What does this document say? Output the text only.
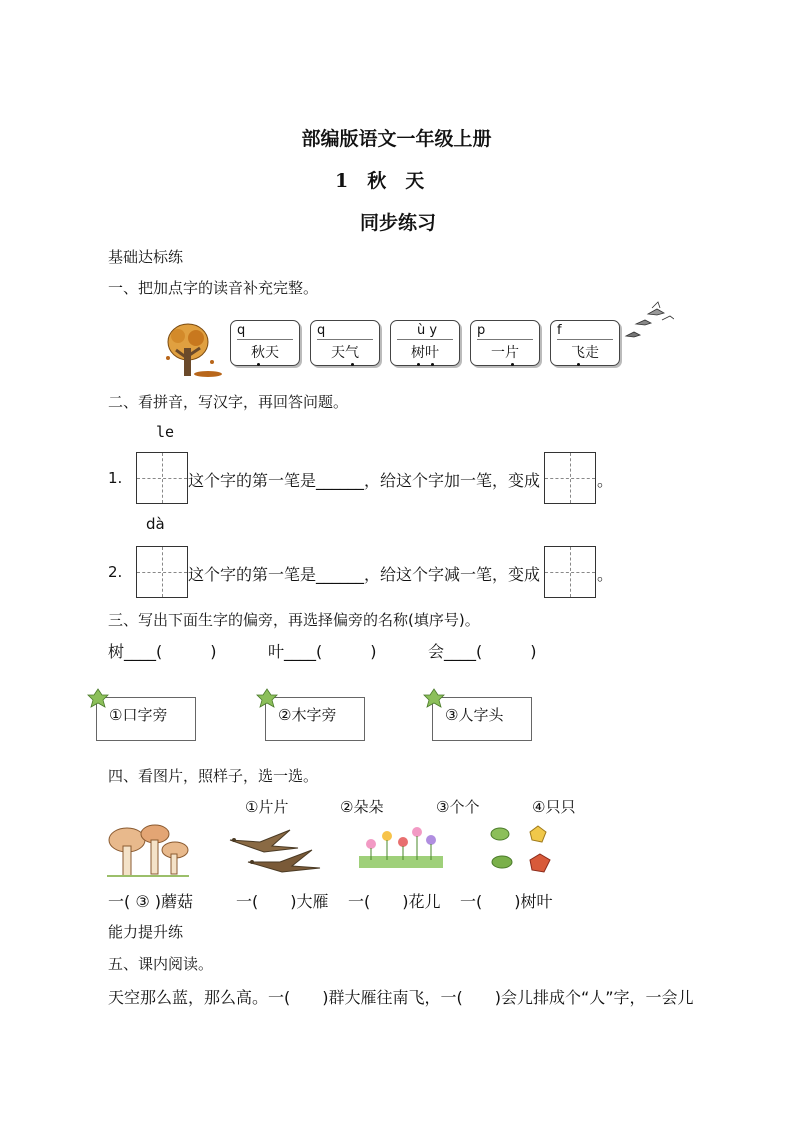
部编版语文一年级上册
1　秋　天
同步练习
基础达标练
一、把加点字的读音补充完整。
q
秋天
q
天气
ù y
树叶
p
一片
f
飞走
二、看拼音，写汉字，再回答问题。
le
1.	这个字的第一笔是______，给这个字加一笔，变成	。
dà
2.	这个字的第一笔是______，给这个字减一笔，变成	。
三、写出下面生字的偏旁，再选择偏旁的名称(填序号)。
树____(　　　)	叶____(　　　)	会____(　　　)
①口字旁	②木字旁	③人字头
四、看图片，照样子，选一选。
①片片	②朵朵	③个个	④只只
一( ③ )蘑菇	一(　　)大雁 一(　　)花儿 一(　　)树叶
能力提升练
五、课内阅读。
天空那么蓝，那么高。一(　　)群大雁往南飞，一(　　)会儿排成个“人”字，一会儿
